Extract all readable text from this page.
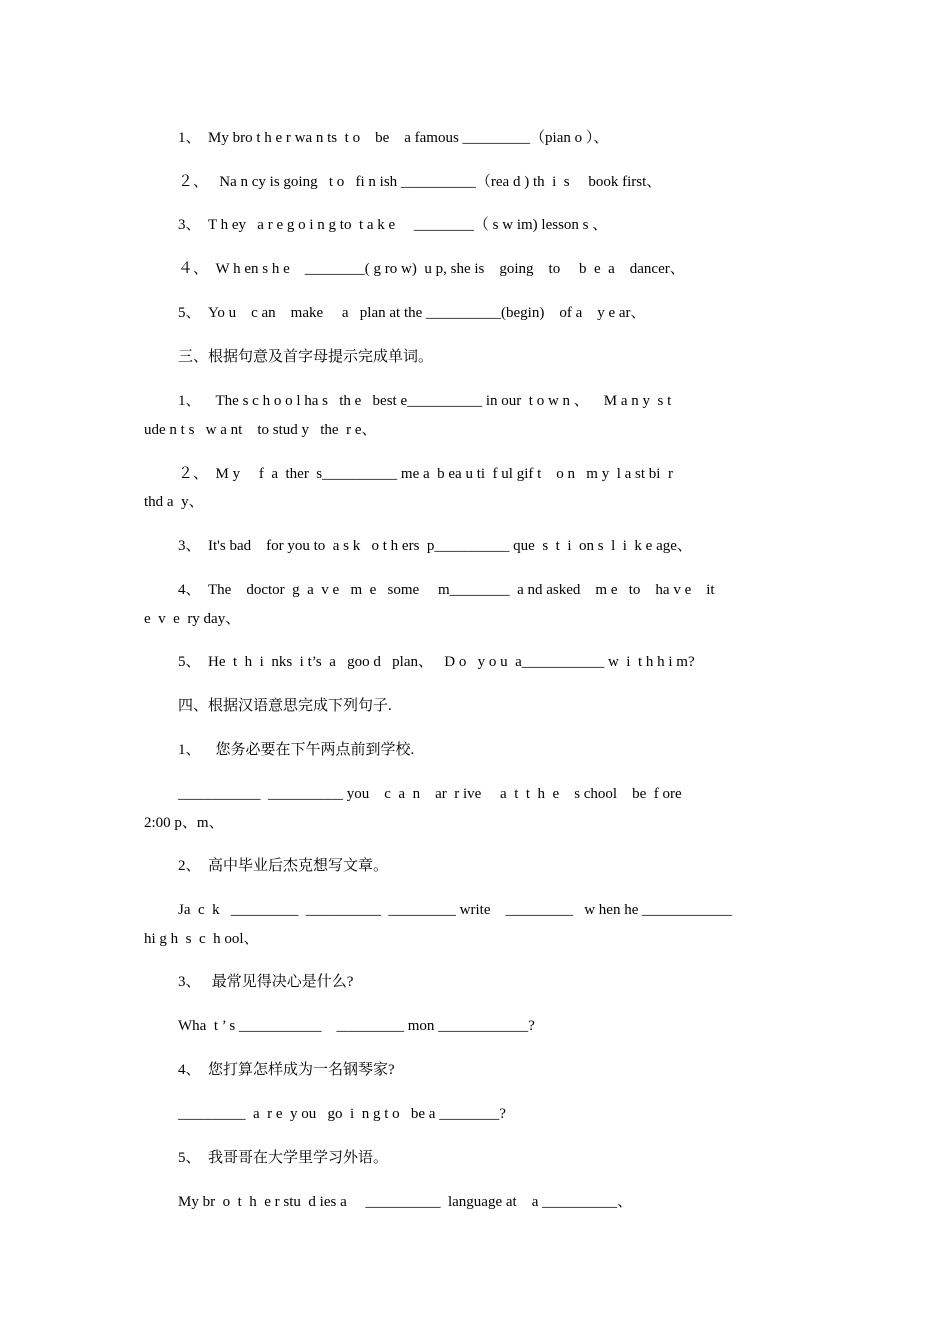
1、  My bro t h e r wa n ts  t o    be    a famous _________（pian o ）、

２、   Na n cy is going   t o   fi n ish __________（rea d ) th  i  s     book first、

3、  T h ey   a r e g o i n g to  t a k e     ________（ s w im) lesson s 、

４、  W h en s h e    ________( g ro w)  u p, she is    going    to     b  e  a    dancer、

5、  Yo u    c an    make     a   plan at the __________(begin)    of a    y e ar、

三、根据句意及首字母提示完成单词。

1、    The s c h o o l ha s   th e   best e__________ in our  t o w n 、    M a n y  s t

ude n t s   w a nt    to stud y   the  r e、

２、  M y     f  a  ther  s__________ me a  b ea u ti  f ul gif t    o n   m y  l a st bi  r

thd a  y、

3、  It's bad    for you to  a s k   o t h ers  p__________ que  s  t  i  on s  l  i  k e age、

4、  The    doctor  g  a  v e   m  e   some     m________  a nd asked    m e   to    ha v e    it

e  v  e  ry day、

5、  He  t  h  i  nks  i t’s  a   goo d   plan、   D o   y o u  a___________ w  i  t h h i m?

四、根据汉语意思完成下列句子.

1、    您务必要在下午两点前到学校.

___________  __________ you    c  a  n    ar  r ive     a  t  t  h  e    s chool    be  f ore

2:00 p、m、

2、  高中毕业后杰克想写文章。

Ja  c  k   _________  __________  _________ write    _________   w hen he ____________

hi g h  s  c  h ool、

3、   最常见得决心是什么?

Wha  t ’ s ___________    _________ mon ____________?

4、  您打算怎样成为一名钢琴家?

_________  a  r e  y ou   go  i  n g t o   be a ________?

5、  我哥哥在大学里学习外语。

My br  o  t  h  e r stu  d ies a     __________  language at    a __________、
